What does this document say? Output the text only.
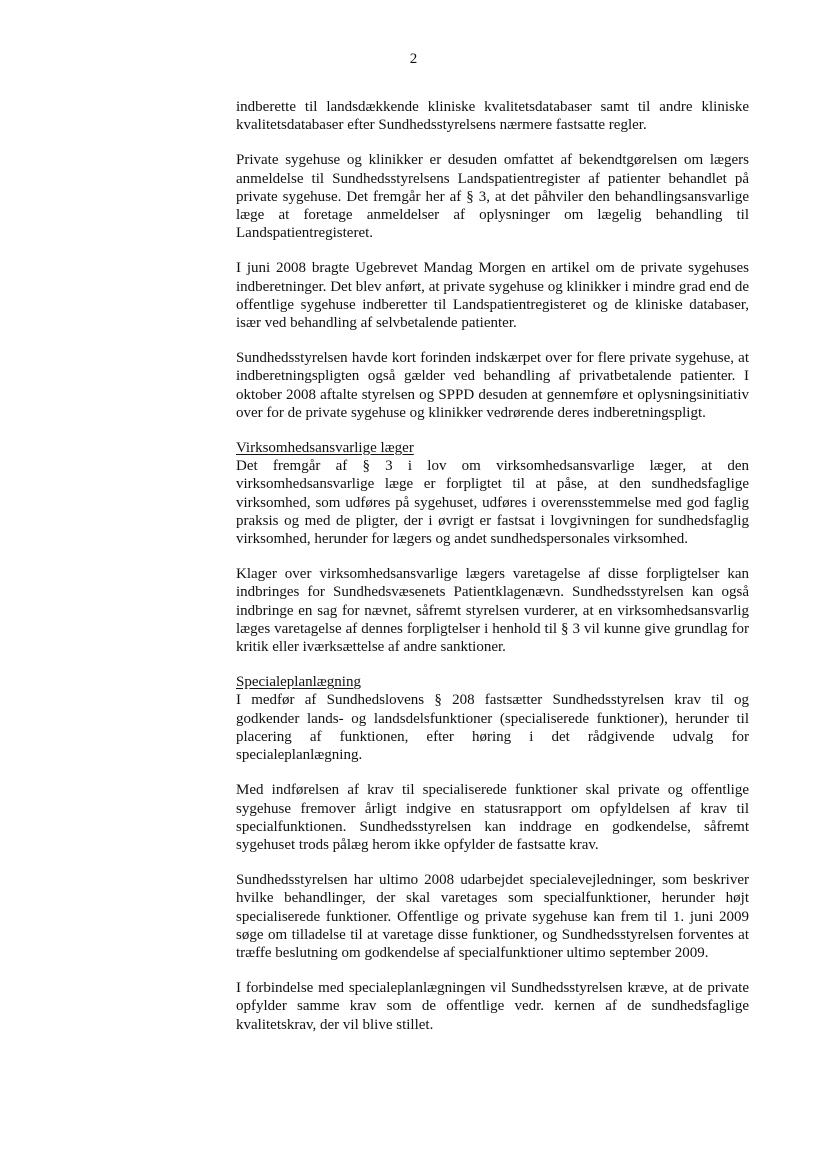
2

indberette til landsdækkende kliniske kvalitetsdatabaser samt til andre kliniske kvalitetsdatabaser efter Sundhedsstyrelsens nærmere fastsatte regler.

Private sygehuse og klinikker er desuden omfattet af bekendtgørelsen om lægers anmeldelse til Sundhedsstyrelsens Landspatientregister af patienter behandlet på private sygehuse. Det fremgår her af § 3, at det påhviler den behandlingsansvarlige læge at foretage anmeldelser af oplysninger om lægelig behandling til Landspatientregisteret.

I juni 2008 bragte Ugebrevet Mandag Morgen en artikel om de private sygehuses indberetninger. Det blev anført, at private sygehuse og klinikker i mindre grad end de offentlige sygehuse indberetter til Landspatientregisteret og de kliniske databaser, især ved behandling af selvbetalende patienter.

Sundhedsstyrelsen havde kort forinden indskærpet over for flere private sygehuse, at indberetningspligten også gælder ved behandling af privatbetalende patienter. I oktober 2008 aftalte styrelsen og SPPD desuden at gennemføre et oplysningsinitiativ over for de private sygehuse og klinikker vedrørende deres indberetningspligt.

Virksomhedsansvarlige læger

Det fremgår af § 3 i lov om virksomhedsansvarlige læger, at den virksomhedsansvarlige læge er forpligtet til at påse, at den sundhedsfaglige virksomhed, som udføres på sygehuset, udføres i overensstemmelse med god faglig praksis og med de pligter, der i øvrigt er fastsat i lovgivningen for sundhedsfaglig virksomhed, herunder for lægers og andet sundhedspersonales virksomhed.

Klager over virksomhedsansvarlige lægers varetagelse af disse forpligtelser kan indbringes for Sundhedsvæsenets Patientklagenævn. Sundhedsstyrelsen kan også indbringe en sag for nævnet, såfremt styrelsen vurderer, at en virksomhedsansvarlig læges varetagelse af dennes forpligtelser i henhold til § 3 vil kunne give grundlag for kritik eller iværksættelse af andre sanktioner.

Specialeplanlægning

I medfør af Sundhedslovens § 208 fastsætter Sundhedsstyrelsen krav til og godkender lands- og landsdelsfunktioner (specialiserede funktioner), herunder til placering af funktionen, efter høring i det rådgivende udvalg for specialeplanlægning.

Med indførelsen af krav til specialiserede funktioner skal private og offentlige sygehuse fremover årligt indgive en statusrapport om opfyldelsen af krav til specialfunktionen. Sundhedsstyrelsen kan inddrage en godkendelse, såfremt sygehuset trods pålæg herom ikke opfylder de fastsatte krav.

Sundhedsstyrelsen har ultimo 2008 udarbejdet specialevejledninger, som beskriver hvilke behandlinger, der skal varetages som specialfunktioner, herunder højt specialiserede funktioner. Offentlige og private sygehuse kan frem til 1. juni 2009 søge om tilladelse til at varetage disse funktioner, og Sundhedsstyrelsen forventes at træffe beslutning om godkendelse af specialfunktioner ultimo september 2009.

I forbindelse med specialeplanlægningen vil Sundhedsstyrelsen kræve, at de private opfylder samme krav som de offentlige vedr. kernen af de sundhedsfaglige kvalitetskrav, der vil blive stillet.
